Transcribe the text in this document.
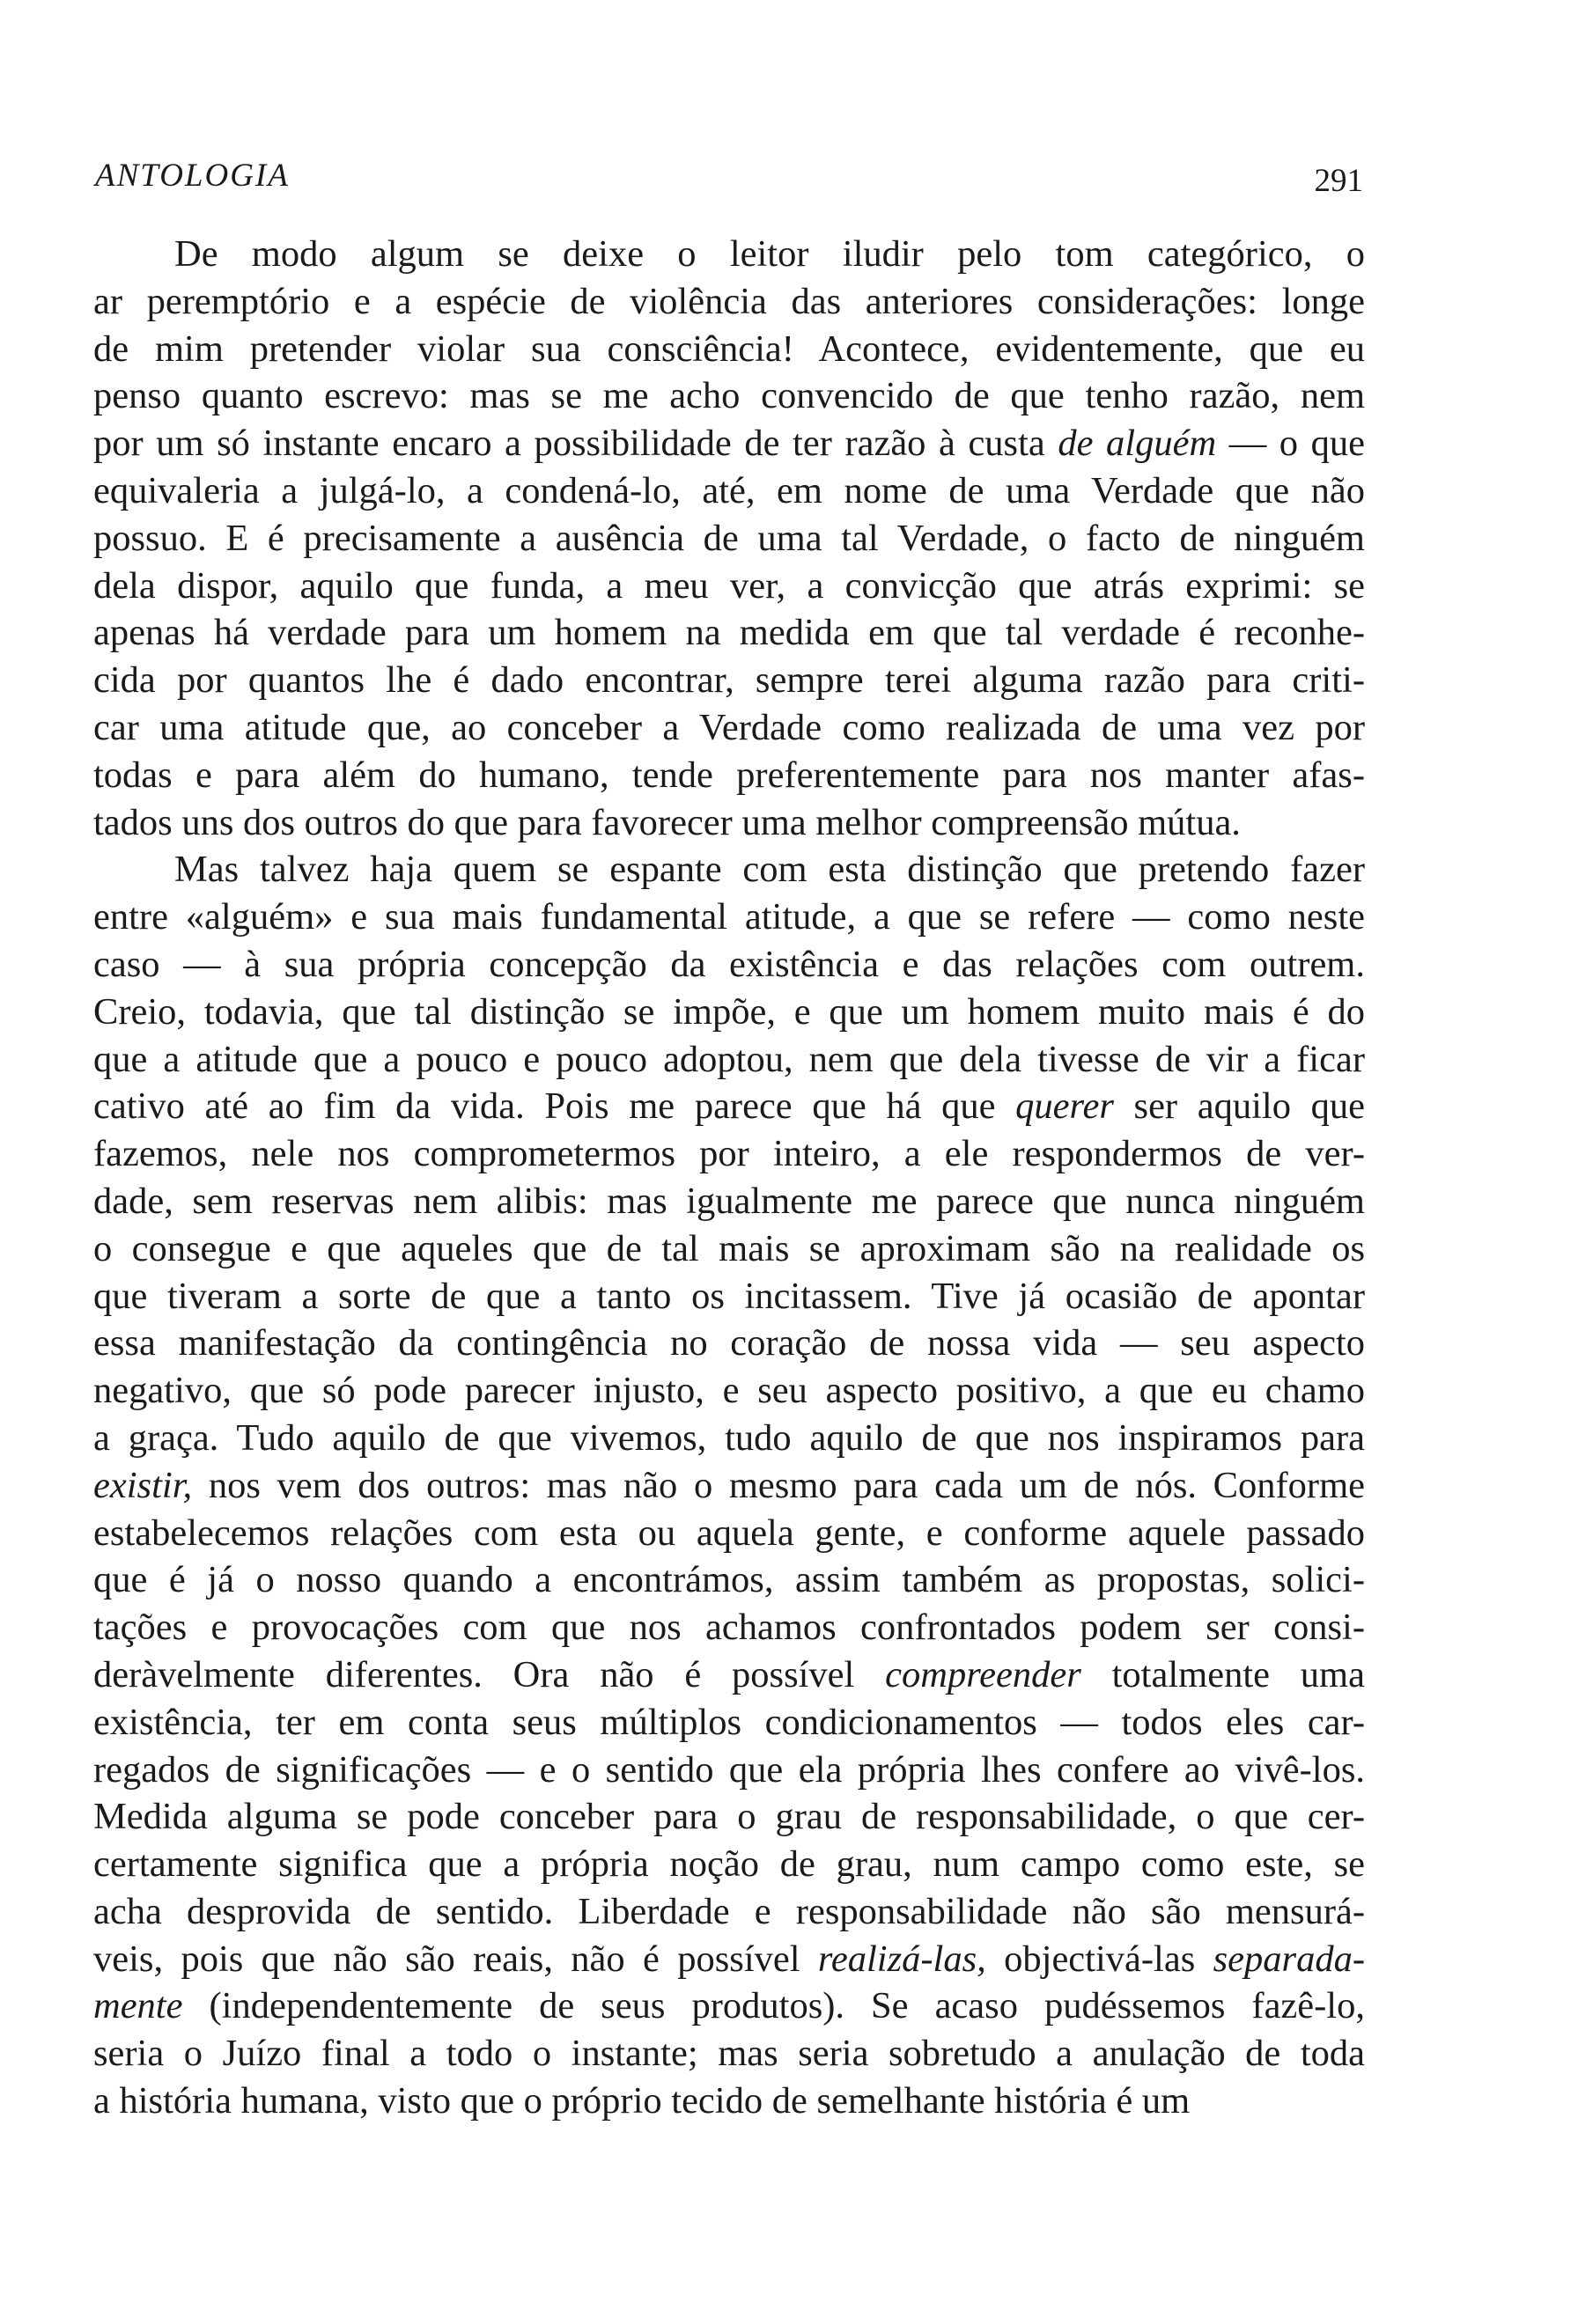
ANTOLOGIA	291
De modo algum se deixe o leitor iludir pelo tom categórico, o
ar peremptório e a espécie de violência das anteriores considerações: longe
de mim pretender violar sua consciência! Acontece, evidentemente, que eu
penso quanto escrevo: mas se me acho convencido de que tenho razão, nem
por um só instante encaro a possibilidade de ter razão à custa de alguém — o que
equivaleria a julgá-lo, a condená-lo, até, em nome de uma Verdade que não
possuo. E é precisamente a ausência de uma tal Verdade, o facto de ninguém
dela dispor, aquilo que funda, a meu ver, a convicção que atrás exprimi: se
apenas há verdade para um homem na medida em que tal verdade é reconhe-
cida por quantos lhe é dado encontrar, sempre terei alguma razão para criti-
car uma atitude que, ao conceber a Verdade como realizada de uma vez por
todas e para além do humano, tende preferentemente para nos manter afas-
tados uns dos outros do que para favorecer uma melhor compreensão mútua.
Mas talvez haja quem se espante com esta distinção que pretendo fazer
entre «alguém» e sua mais fundamental atitude, a que se refere — como neste
caso — à sua própria concepção da existência e das relações com outrem.
Creio, todavia, que tal distinção se impõe, e que um homem muito mais é do
que a atitude que a pouco e pouco adoptou, nem que dela tivesse de vir a ficar
cativo até ao fim da vida. Pois me parece que há que querer ser aquilo que
fazemos, nele nos comprometermos por inteiro, a ele respondermos de ver-
dade, sem reservas nem alibis: mas igualmente me parece que nunca ninguém
o consegue e que aqueles que de tal mais se aproximam são na realidade os
que tiveram a sorte de que a tanto os incitassem. Tive já ocasião de apontar
essa manifestação da contingência no coração de nossa vida — seu aspecto
negativo, que só pode parecer injusto, e seu aspecto positivo, a que eu chamo
a graça. Tudo aquilo de que vivemos, tudo aquilo de que nos inspiramos para
existir, nos vem dos outros: mas não o mesmo para cada um de nós. Conforme
estabelecemos relações com esta ou aquela gente, e conforme aquele passado
que é já o nosso quando a encontrámos, assim também as propostas, solici-
tações e provocações com que nos achamos confrontados podem ser consi-
deràvelmente diferentes. Ora não é possível compreender totalmente uma
existência, ter em conta seus múltiplos condicionamentos — todos eles car-
regados de significações — e o sentido que ela própria lhes confere ao vivê-los.
Medida alguma se pode conceber para o grau de responsabilidade, o que cer-
certamente significa que a própria noção de grau, num campo como este, se
acha desprovida de sentido. Liberdade e responsabilidade não são mensurá-
veis, pois que não são reais, não é possível realizá-las, objectivá-las separada-
mente (independentemente de seus produtos). Se acaso pudéssemos fazê-lo,
seria o Juízo final a todo o instante; mas seria sobretudo a anulação de toda
a história humana, visto que o próprio tecido de semelhante história é um
